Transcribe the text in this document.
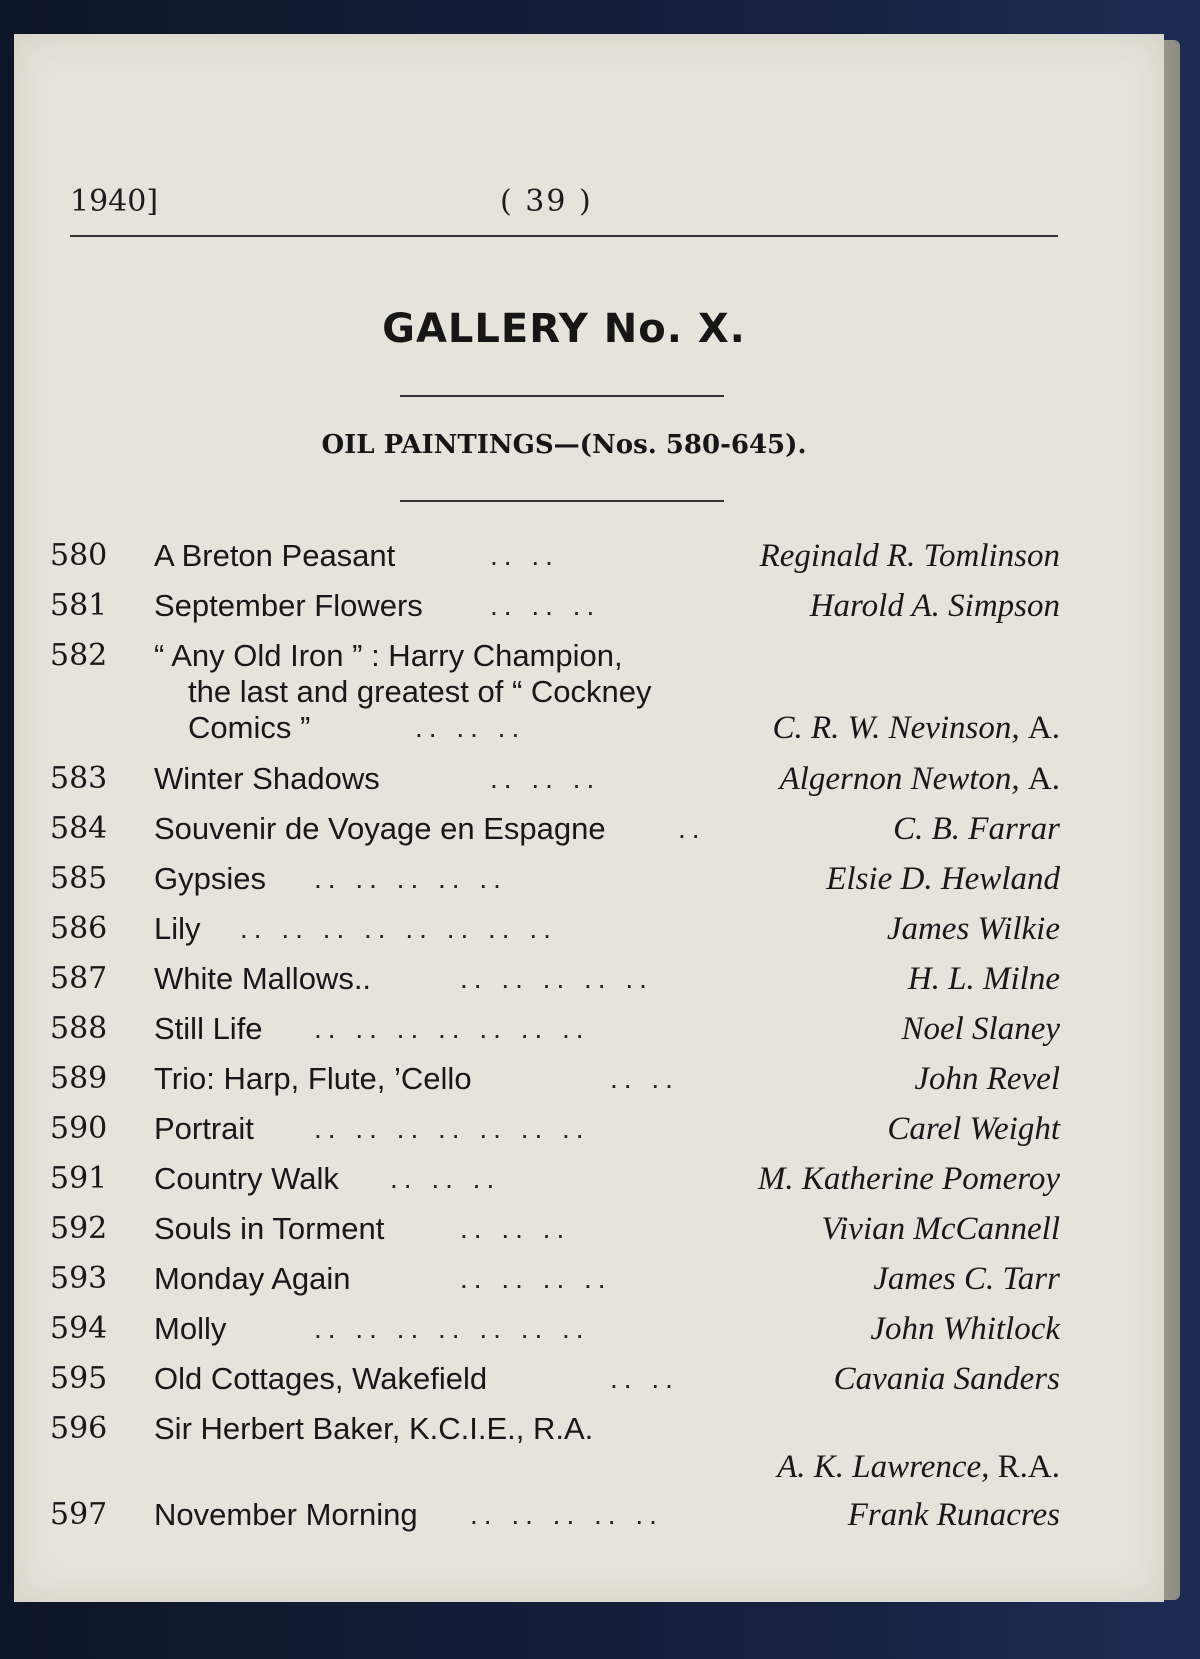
1940]	( 39 )
GALLERY No. X.
OIL PAINTINGS—(Nos. 580-645).
580	A Breton Peasant	.. ..	Reginald R. Tomlinson
581	September Flowers .. .. ..	Harold A. Simpson
582	“ Any Old Iron ” : Harry Champion,
the last and greatest of “ Cockney
Comics ”	.. .. ..	C. R. W. Nevinson, A.
583	Winter Shadows	.. .. ..	Algernon Newton, A.
584	Souvenir de Voyage en Espagne	..	C. B. Farrar
585	Gypsies .. .. .. .. ..	Elsie D. Hewland
586	Lily .. .. .. .. .. .. .. ..	James Wilkie
587	White Mallows..	.. .. .. .. ..	H. L. Milne
588	Still Life .. .. .. .. .. .. ..	Noel Slaney
589	Trio: Harp, Flute, ’Cello	.. ..	John Revel
590	Portrait .. .. .. .. .. .. ..	Carel Weight
591	Country Walk .. .. ..	M. Katherine Pomeroy
592	Souls in Torment	.. .. ..	Vivian McCannell
593	Monday Again	.. .. .. ..	James C. Tarr
594	Molly	.. .. .. .. .. .. ..	John Whitlock
595	Old Cottages, Wakefield	.. ..	Cavania Sanders
596	Sir Herbert Baker, K.C.I.E., R.A.
A. K. Lawrence, R.A.
597	November Morning .. .. .. .. ..	Frank Runacres
